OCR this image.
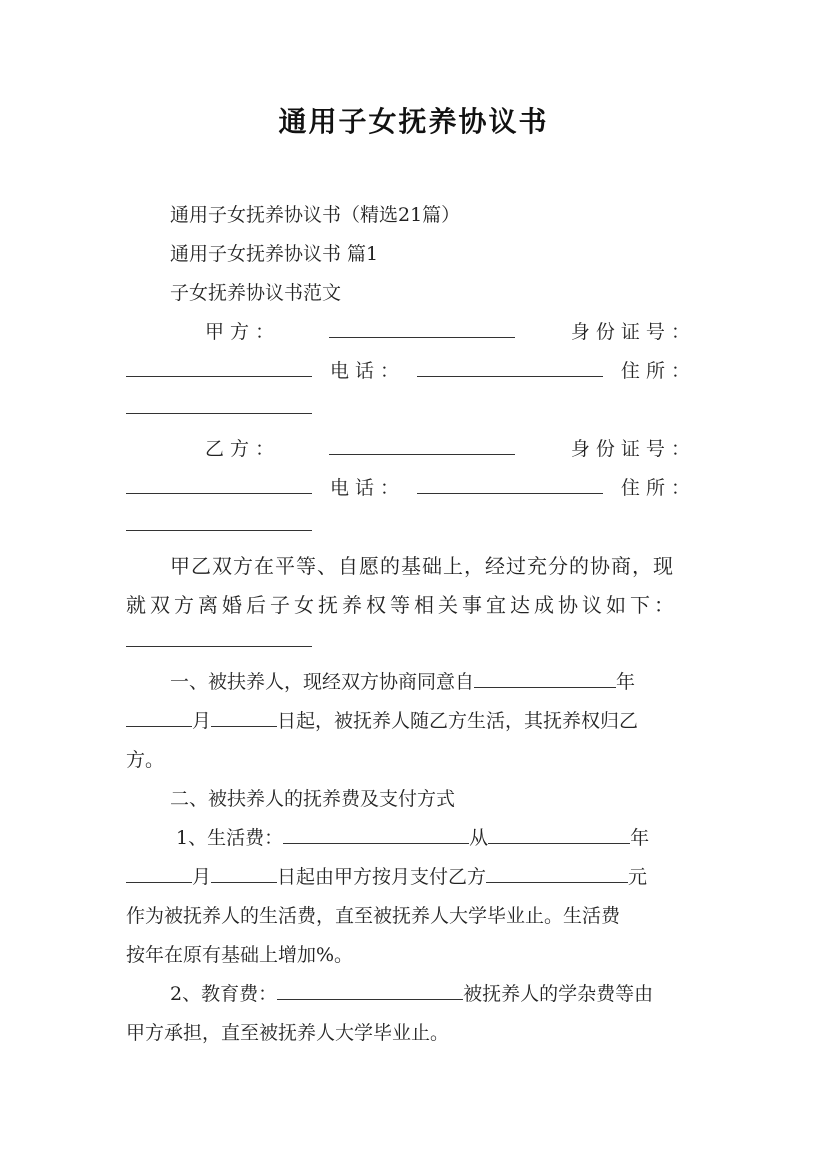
通用子女抚养协议书
通用子女抚养协议书（精选21篇）
通用子女抚养协议书 篇1
子女抚养协议书范文
甲 方 ：	身 份 证 号 ：
电 话 ：	住 所 ：
乙 方 ：	身 份 证 号 ：
电 话 ：	住 所 ：
甲乙双方在平等、自愿的基础上，经过充分的协商，现
就双方离婚后子女抚养权等相关事宜达成协议如下：
一、被扶养人，现经双方协商同意自	年
月	日起，被抚养人随乙方生活，其抚养权归乙
方。
二、被扶养人的抚养费及支付方式
1、生活费：	从	年
月	日起由甲方按月支付乙方	元
作为被抚养人的生活费，直至被抚养人大学毕业止。生活费
按年在原有基础上增加%。
2、教育费：	被抚养人的学杂费等由
甲方承担，直至被抚养人大学毕业止。
